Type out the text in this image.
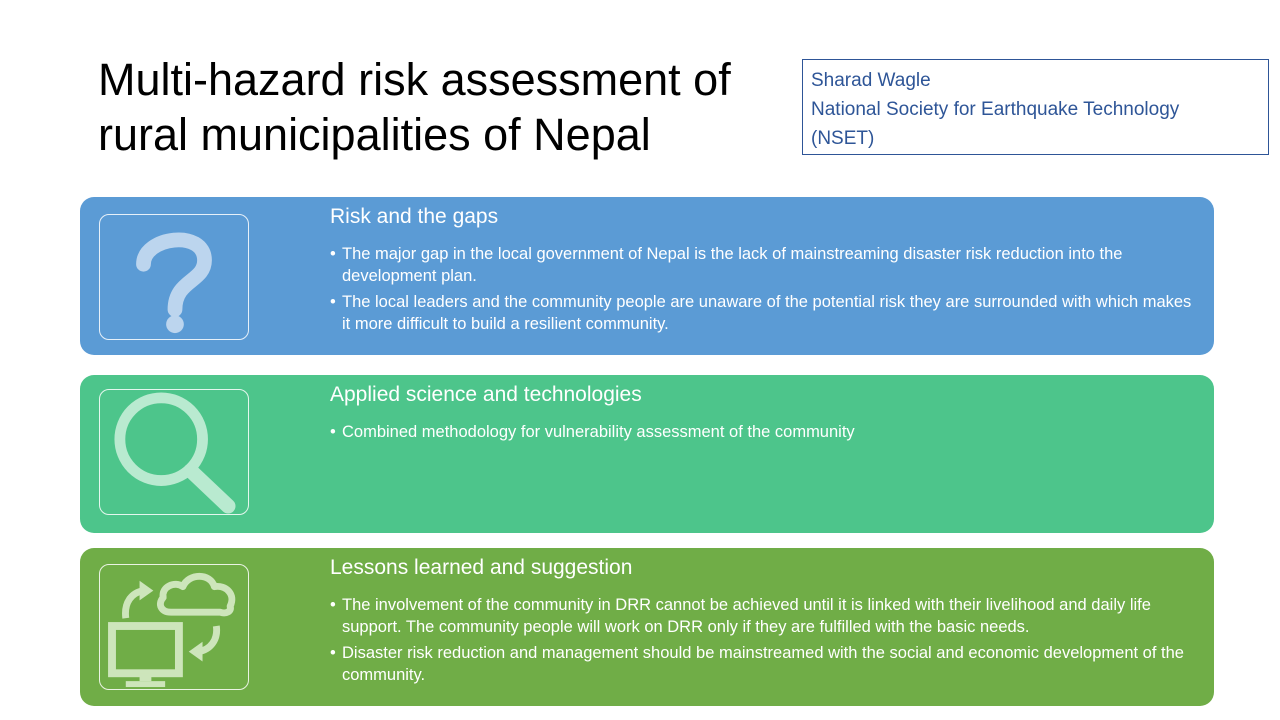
Multi-hazard risk assessment of rural municipalities of Nepal
Sharad Wagle
National Society for Earthquake Technology
(NSET)
Risk and the gaps
• The major gap in the local government of Nepal is the lack of mainstreaming disaster risk reduction into the development plan.
• The local leaders and the community people are unaware of the potential risk they are surrounded with which makes it more difficult to build a resilient community.
Applied science and technologies
• Combined methodology for vulnerability assessment of the community
Lessons learned and suggestion
• The involvement of the community in DRR cannot be achieved until it is linked with their livelihood and daily life support. The community people will work on DRR only if they are fulfilled with the basic needs.
• Disaster risk reduction and management should be mainstreamed with the social and economic development of the community.
